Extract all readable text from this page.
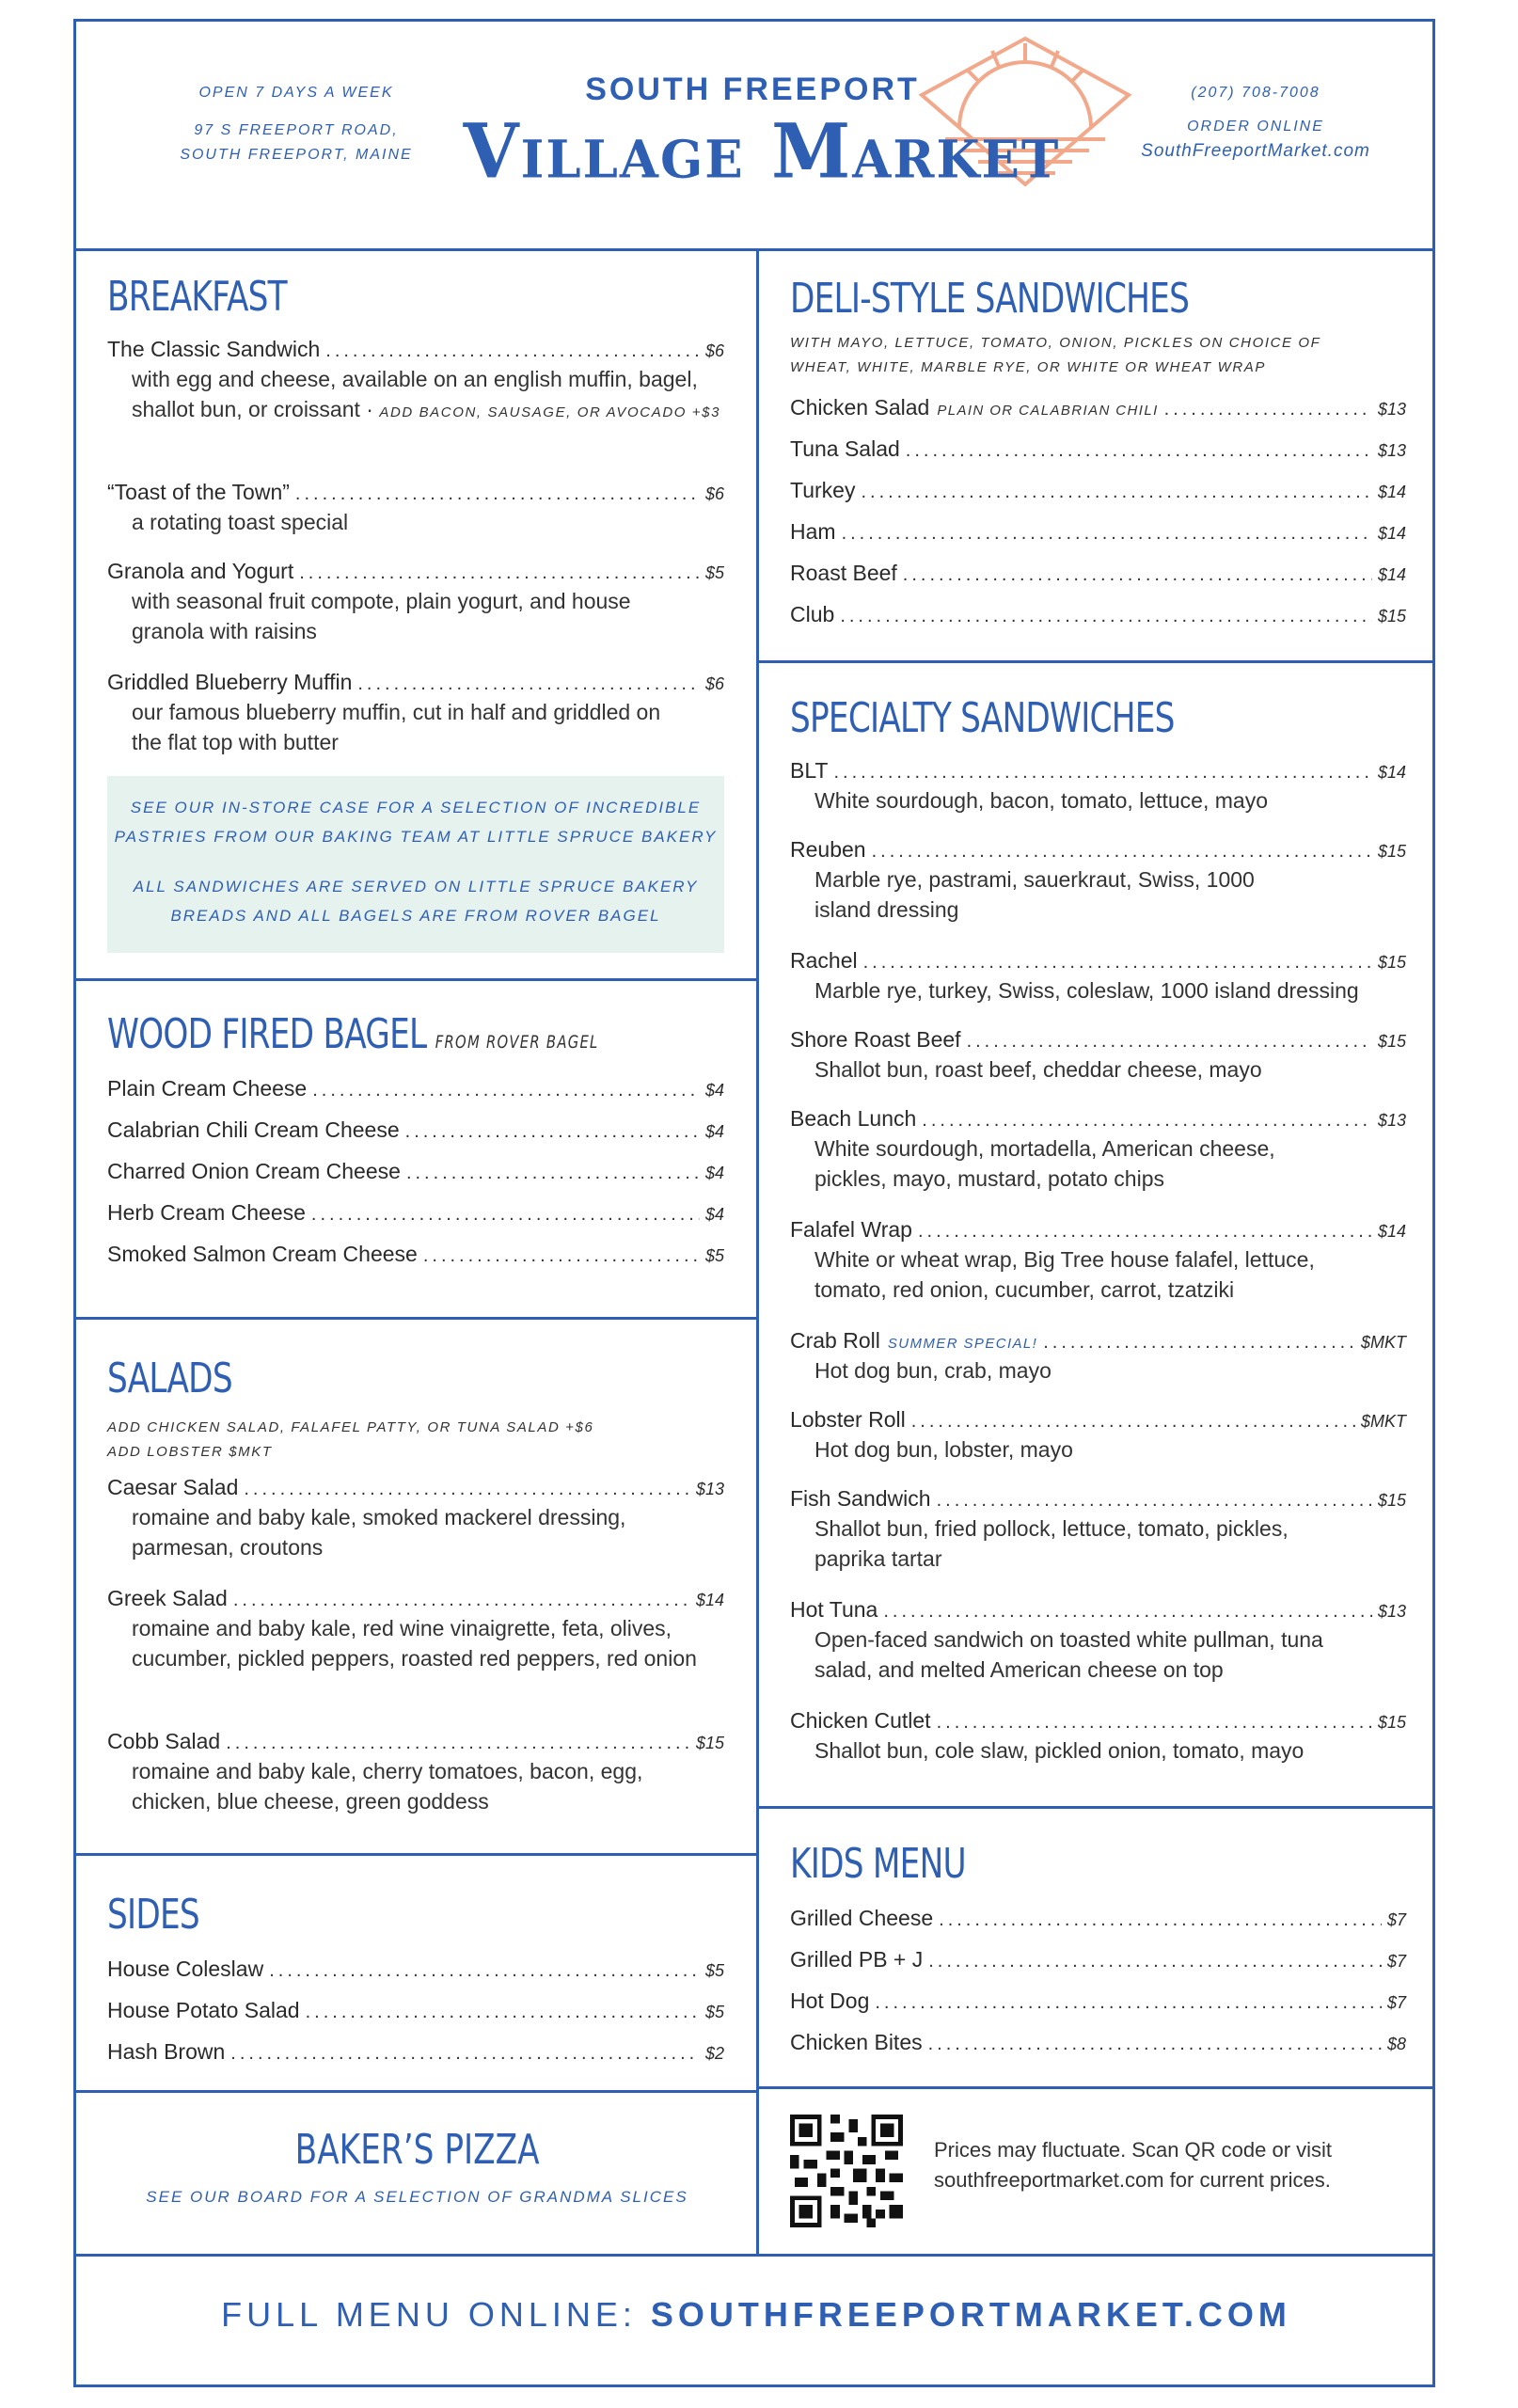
OPEN 7 DAYS A WEEK
97 S FREEPORT ROAD,
SOUTH FREEPORT, MAINE
SOUTH FREEPORT
Village Market
(207) 708-7008
ORDER ONLINE
SouthFreeportMarket.com
BREAKFAST
The Classic Sandwich .....	$6
with egg and cheese, available on an english muffin, bagel, shallot bun, or croissant · ADD BACON, SAUSAGE, OR AVOCADO +$3
“Toast of the Town” .....	$6
a rotating toast special
Granola and Yogurt .....	$5
with seasonal fruit compote, plain yogurt, and house granola with raisins
Griddled Blueberry Muffin .....	$6
our famous blueberry muffin, cut in half and griddled on the flat top with butter
SEE OUR IN-STORE CASE FOR A SELECTION OF INCREDIBLE
PASTRIES FROM OUR BAKING TEAM AT LITTLE SPRUCE BAKERY
ALL SANDWICHES ARE SERVED ON LITTLE SPRUCE BAKERY
BREADS AND ALL BAGELS ARE FROM ROVER BAGEL
WOOD FIRED BAGEL FROM ROVER BAGEL
Plain Cream Cheese .....	$4
Calabrian Chili Cream Cheese .....	$4
Charred Onion Cream Cheese .....	$4
Herb Cream Cheese .....	$4
Smoked Salmon Cream Cheese .....	$5
SALADS
ADD CHICKEN SALAD, FALAFEL PATTY, OR TUNA SALAD +$6
ADD LOBSTER $MKT
Caesar Salad .....	$13
romaine and baby kale, smoked mackerel dressing, parmesan, croutons
Greek Salad .....	$14
romaine and baby kale, red wine vinaigrette, feta, olives, cucumber, pickled peppers, roasted red peppers, red onion
Cobb Salad .....	$15
romaine and baby kale, cherry tomatoes, bacon, egg, chicken, blue cheese, green goddess
SIDES
House Coleslaw .....	$5
House Potato Salad .....	$5
Hash Brown .....	$2
BAKER’S PIZZA
SEE OUR BOARD FOR A SELECTION OF GRANDMA SLICES
DELI-STYLE SANDWICHES
WITH MAYO, LETTUCE, TOMATO, ONION, PICKLES ON CHOICE OF
WHEAT, WHITE, MARBLE RYE, OR WHITE OR WHEAT WRAP
Chicken Salad PLAIN OR CALABRIAN CHILI .....	$13
Tuna Salad .....	$13
Turkey .....	$14
Ham .....	$14
Roast Beef .....	$14
Club .....	$15
SPECIALTY SANDWICHES
BLT .....	$14
White sourdough, bacon, tomato, lettuce, mayo
Reuben .....	$15
Marble rye, pastrami, sauerkraut, Swiss, 1000 island dressing
Rachel .....	$15
Marble rye, turkey, Swiss, coleslaw, 1000 island dressing
Shore Roast Beef .....	$15
Shallot bun, roast beef, cheddar cheese, mayo
Beach Lunch .....	$13
White sourdough, mortadella, American cheese, pickles, mayo, mustard, potato chips
Falafel Wrap .....	$14
White or wheat wrap, Big Tree house falafel, lettuce, tomato, red onion, cucumber, carrot, tzatziki
Crab Roll SUMMER SPECIAL! .....	$MKT
Hot dog bun, crab, mayo
Lobster Roll .....	$MKT
Hot dog bun, lobster, mayo
Fish Sandwich .....	$15
Shallot bun, fried pollock, lettuce, tomato, pickles, paprika tartar
Hot Tuna .....	$13
Open-faced sandwich on toasted white pullman, tuna salad, and melted American cheese on top
Chicken Cutlet .....	$15
Shallot bun, cole slaw, pickled onion, tomato, mayo
KIDS MENU
Grilled Cheese .....	$7
Grilled PB + J .....	$7
Hot Dog .....	$7
Chicken Bites .....	$8
Prices may fluctuate. Scan QR code or visit southfreeportmarket.com for current prices.
FULL MENU ONLINE: SOUTHFREEPORTMARKET.COM
